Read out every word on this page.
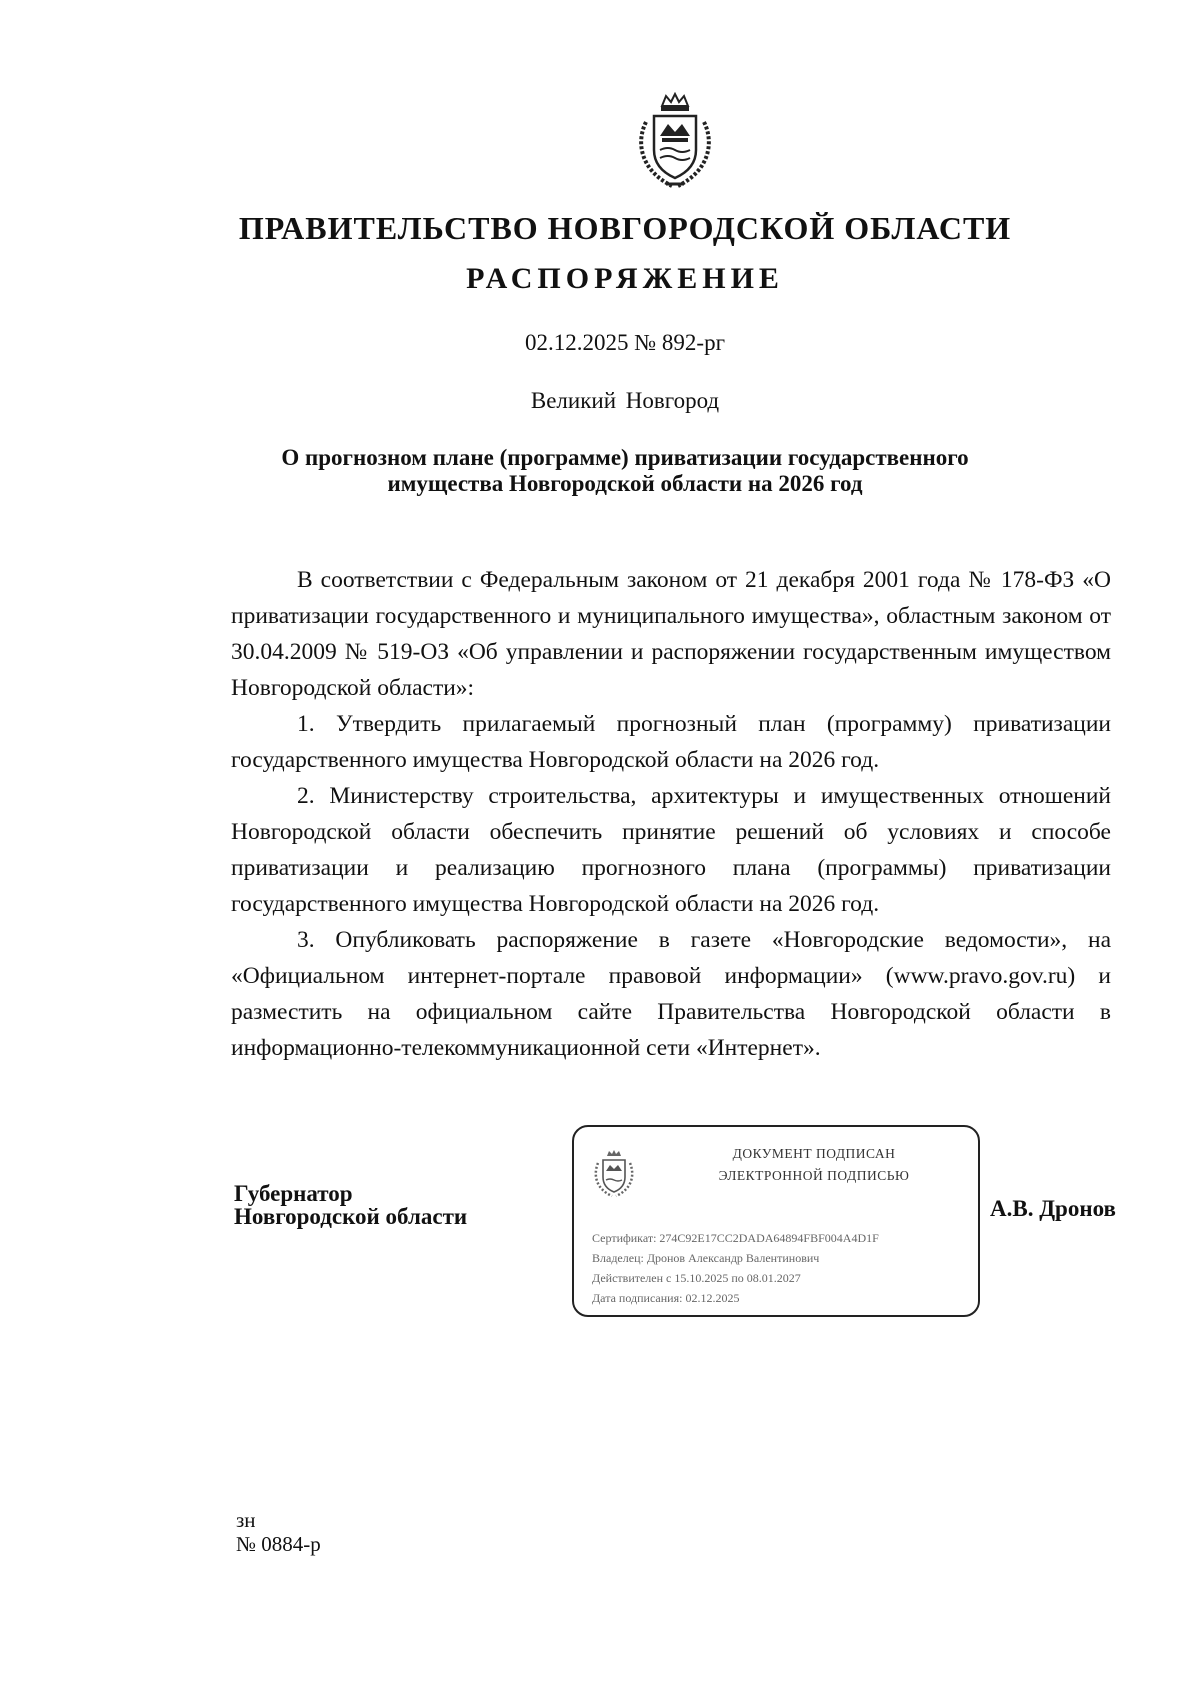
ПРАВИТЕЛЬСТВО НОВГОРОДСКОЙ ОБЛАСТИ
РАСПОРЯЖЕНИЕ
02.12.2025 № 892-рг
Великий Новгород
О прогнозном плане (программе) приватизации государственного
имущества Новгородской области на 2026 год

В соответствии с Федеральным законом от 21 декабря 2001 года № 178-ФЗ «О приватизации государственного и муниципального имущества», областным законом от 30.04.2009 № 519-ОЗ «Об управлении и распоряжении государственным имуществом Новгородской области»:

1. Утвердить прилагаемый прогнозный план (программу) приватизации государственного имущества Новгородской области на 2026 год.

2. Министерству строительства, архитектуры и имущественных отношений Новгородской области обеспечить принятие решений об условиях и способе приватизации и реализацию прогнозного плана (программы) приватизации государственного имущества Новгородской области на 2026 год.

3. Опубликовать распоряжение в газете «Новгородские ведомости», на «Официальном интернет-портале правовой информации» (www.pravo.gov.ru) и разместить на официальном сайте Правительства Новгородской области в информационно-телекоммуникационной сети «Интернет».

Губернатор
Новгородской области
ДОКУМЕНТ ПОДПИСАН
ЭЛЕКТРОННОЙ ПОДПИСЬЮ
Сертификат: 274C92E17CC2DADA64894FBF004A4D1F
Владелец: Дронов Александр Валентинович
Действителен с 15.10.2025 по 08.01.2027
Дата подписания: 02.12.2025
А.В. Дронов
зн
№ 0884-р
